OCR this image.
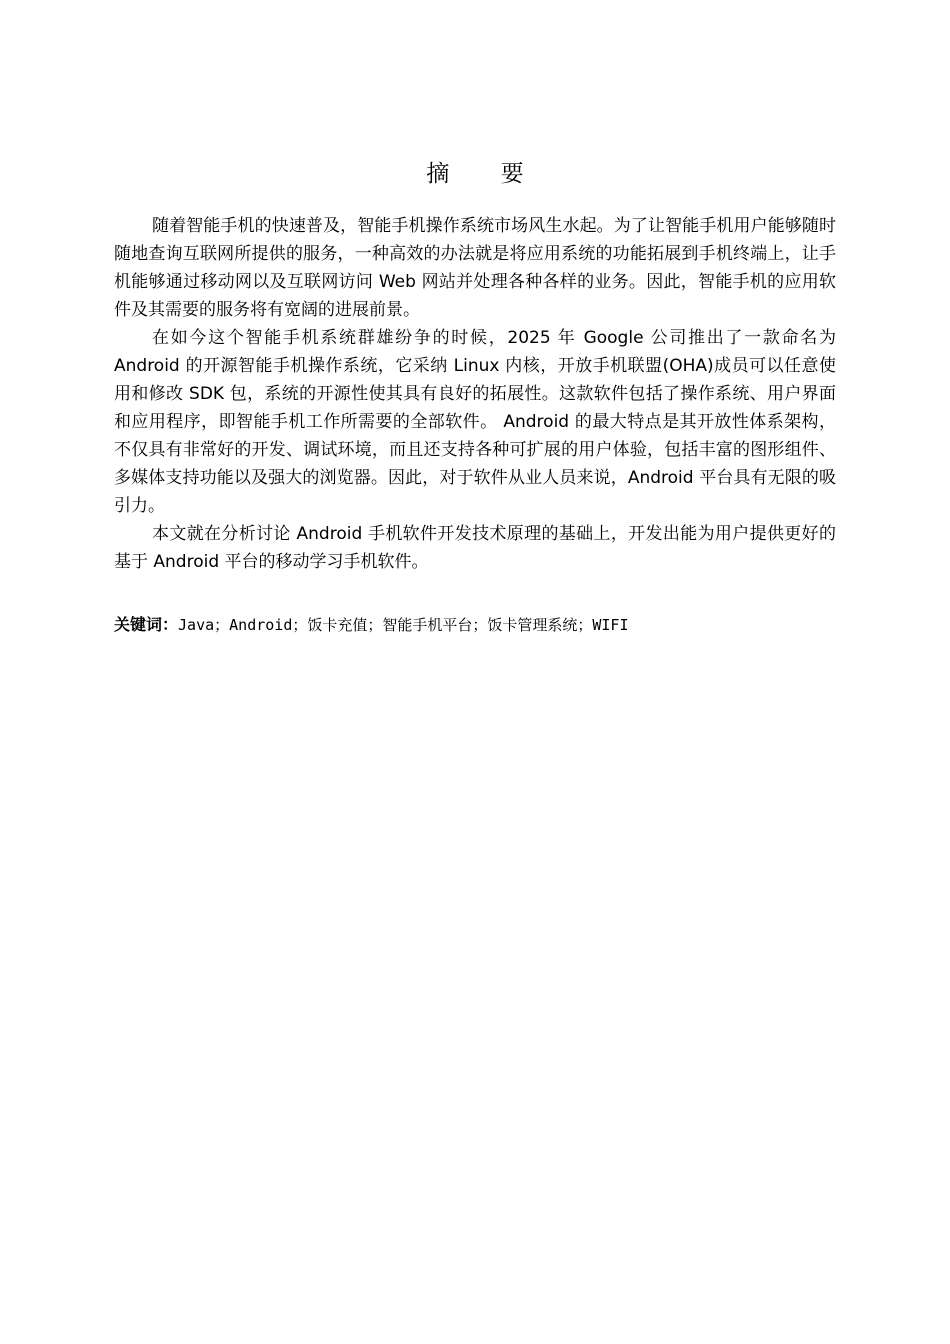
摘 要

随着智能手机的快速普及，智能手机操作系统市场风生水起。为了让智能手机用户能够随时随地查询互联网所提供的服务，一种高效的办法就是将应用系统的功能拓展到手机终端上，让手机能够通过移动网以及互联网访问 Web 网站并处理各种各样的业务。因此，智能手机的应用软件及其需要的服务将有宽阔的进展前景。

在如今这个智能手机系统群雄纷争的时候，2025 年 Google 公司推出了一款命名为 Android 的开源智能手机操作系统，它采纳 Linux 内核，开放手机联盟(OHA)成员可以任意使用和修改 SDK 包，系统的开源性使其具有良好的拓展性。这款软件包括了操作系统、用户界面和应用程序，即智能手机工作所需要的全部软件。 Android 的最大特点是其开放性体系架构，不仅具有非常好的开发、调试环境，而且还支持各种可扩展的用户体验，包括丰富的图形组件、多媒体支持功能以及强大的浏览器。因此，对于软件从业人员来说，Android 平台具有无限的吸引力。

本文就在分析讨论 Android 手机软件开发技术原理的基础上，开发出能为用户提供更好的基于 Android 平台的移动学习手机软件。

关键词：Java；Android；饭卡充值；智能手机平台；饭卡管理系统；WIFI
